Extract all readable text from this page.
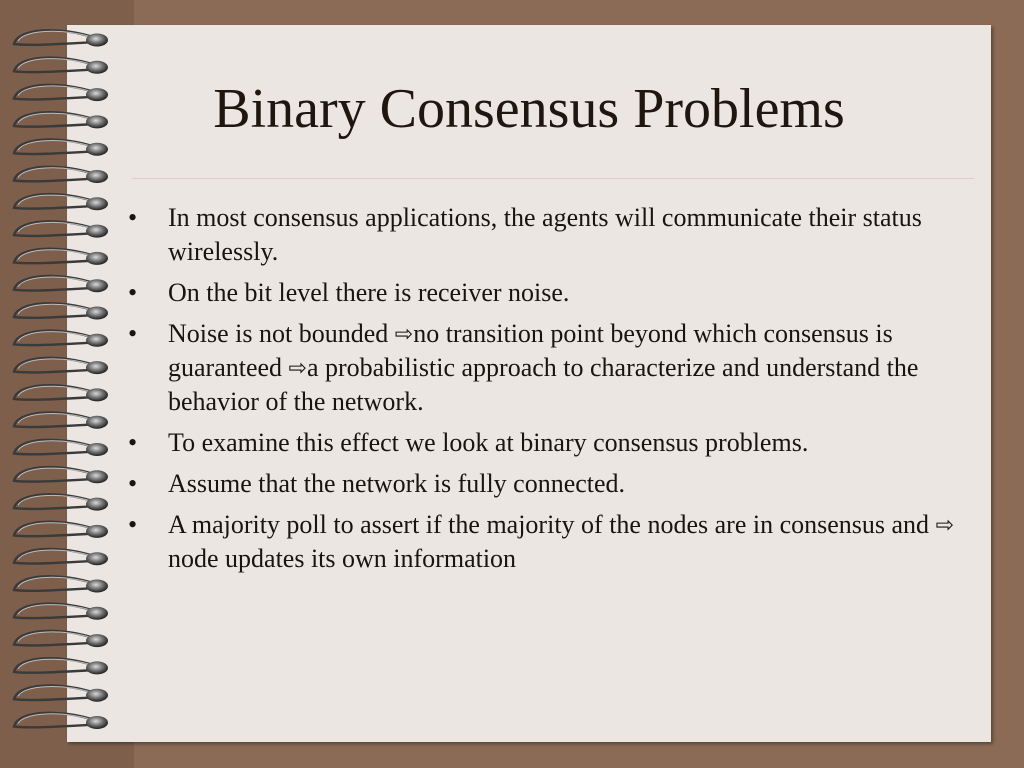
Binary Consensus Problems
•	In most consensus applications, the agents will communicate their status wirelessly.
•	On the bit level there is receiver noise.
•	Noise is not bounded ⇨no transition point beyond which consensus is guaranteed ⇨a probabilistic approach to characterize and understand the behavior of the network.
•	To examine this effect we look at binary consensus problems.
•	Assume that the network is fully connected.
•	A majority poll to assert if the majority of the nodes are in consensus and ⇨ node updates its own information
